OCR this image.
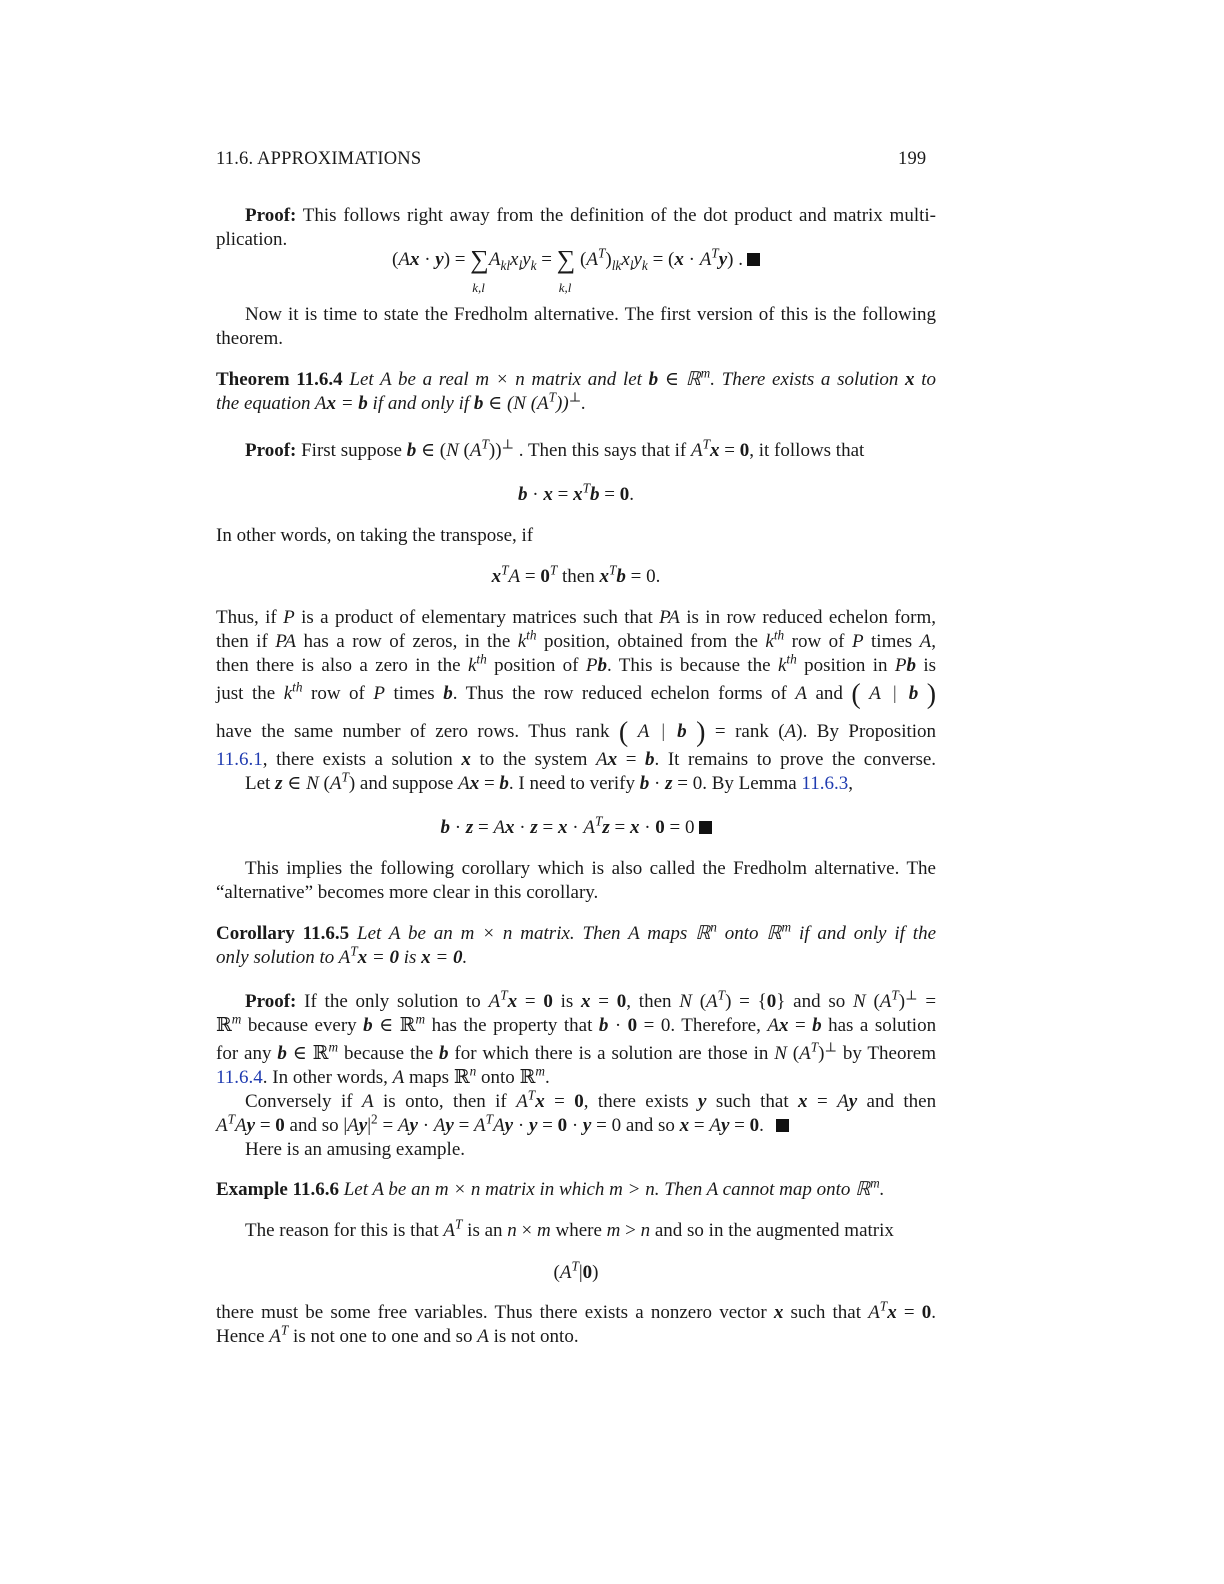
11.6. APPROXIMATIONS	199
Proof: This follows right away from the definition of the dot product and matrix multi-
plication.
(Ax · y) = ∑
k,l
$A_{kl}x_ly_k$ = ∑
k,l
$(A^T)_{lk}x_ly_k = (x \cdot A^Ty)$ .
Now it is time to state the Fredholm alternative. The first version of this is the following
theorem.
Theorem 11.6.4 Let A be a real m × n matrix and let b ∈ ℝ$^m$. There exists a solution x to
the equation Ax = b if and only if b ∈ (N $(A^T))^\perp$.
Proof: First suppose b ∈ (N $(A^T))^\perp$ . Then this says that if $A^Tx = 0$, it follows that
$b \cdot x = x^Tb = 0$.
In other words, on taking the transpose, if
$x^TA = 0^T$ then $x^Tb = 0$.
Thus, if P is a product of elementary matrices such that PA is in row reduced echelon form,
then if PA has a row of zeros, in the $k^{th}$ position, obtained from the $k^{th}$ row of P times A,
then there is also a zero in the $k^{th}$ position of Pb. This is because the $k^{th}$ position in Pb is
just the $k^{th}$ row of P times b. Thus the row reduced echelon forms of A and ( A | b )
have the same number of zero rows. Thus rank ( A | b ) = rank (A). By Proposition
11.6.1, there exists a solution x to the system Ax = b. It remains to prove the converse.
Let z ∈ N $(A^T)$ and suppose Ax = b. I need to verify b · z = 0. By Lemma 11.6.3,
$b \cdot z = Ax \cdot z = x \cdot A^Tz = x \cdot 0 = 0$
This implies the following corollary which is also called the Fredholm alternative. The
“alternative” becomes more clear in this corollary.
Corollary 11.6.5 Let A be an m × n matrix. Then A maps ℝ$^n$ onto ℝ$^m$ if and only if the
only solution to $A^Tx = 0$ is x = 0.
Proof: If the only solution to $A^Tx = 0$ is x = 0, then N $(A^T) = \{0\}$ and so N $(A^T)^\perp$ =
ℝ$^m$ because every b ∈ ℝ$^m$ has the property that b · 0 = 0. Therefore, Ax = b has a solution
for any b ∈ ℝ$^m$ because the b for which there is a solution are those in N $(A^T)^\perp$ by Theorem
11.6.4. In other words, A maps ℝ$^n$ onto ℝ$^m$.
Conversely if A is onto, then if $A^Tx = 0$, there exists y such that x = Ay and then
$A^TAy = 0$ and so $|Ay|^2 = Ay \cdot Ay = A^TAy \cdot y = 0 \cdot y = 0$ and so x = Ay = 0.
Here is an amusing example.
Example 11.6.6 Let A be an m × n matrix in which m > n. Then A cannot map onto ℝ$^m$.
The reason for this is that $A^T$ is an n × m where m > n and so in the augmented matrix
$(A^T|0)$
there must be some free variables. Thus there exists a nonzero vector x such that $A^Tx = 0$.
Hence $A^T$ is not one to one and so A is not onto.
